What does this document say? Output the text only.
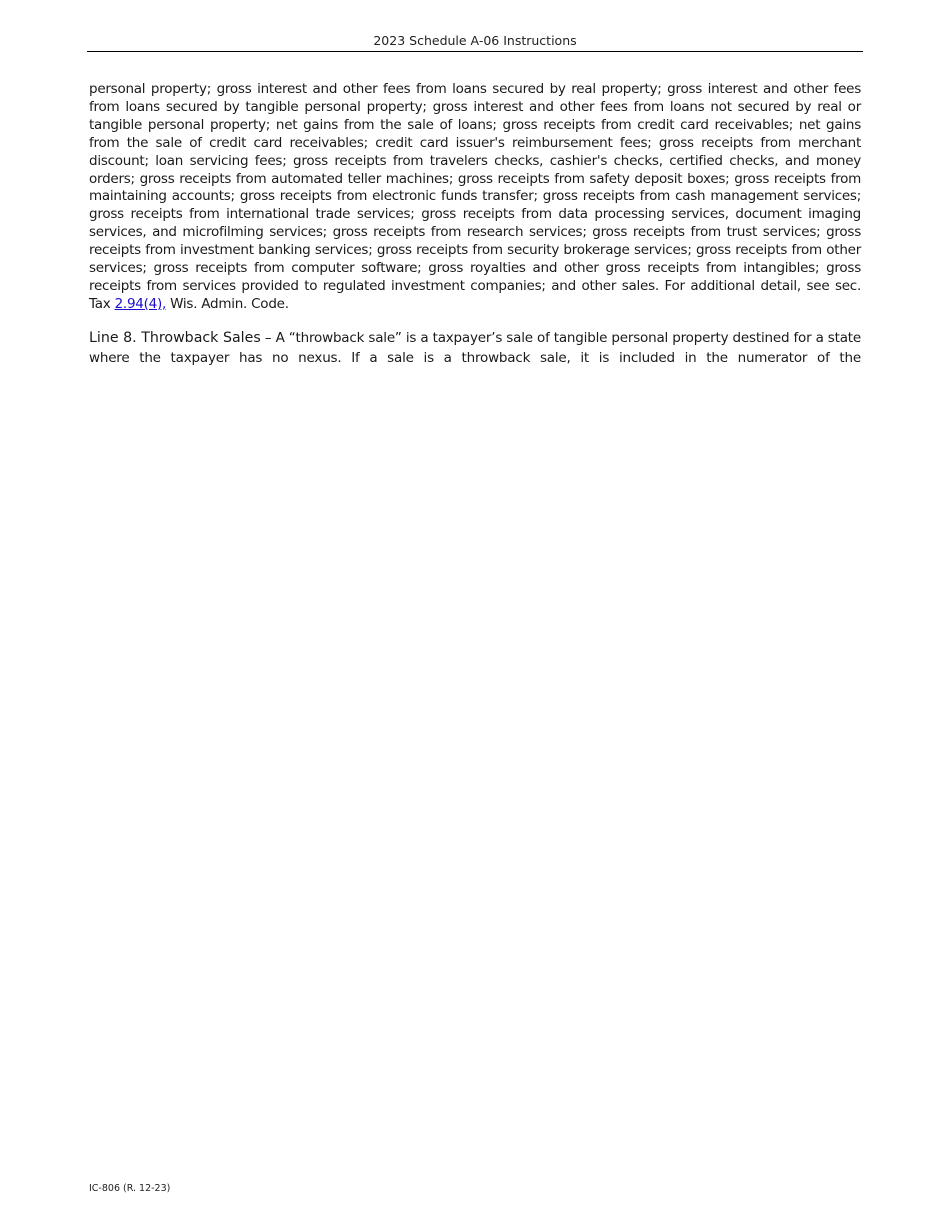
2023 Schedule A-06 Instructions

personal property; gross interest and other fees from loans secured by real property; gross interest and other fees from loans secured by tangible personal property; gross interest and other fees from loans not secured by real or tangible personal property; net gains from the sale of loans; gross receipts from credit card receivables; net gains from the sale of credit card receivables; credit card issuer's reimbursement fees; gross receipts from merchant discount; loan servicing fees; gross receipts from travelers checks, cashier's checks, certified checks, and money orders; gross receipts from automated teller machines; gross receipts from safety deposit boxes; gross receipts from maintaining accounts; gross receipts from electronic funds transfer; gross receipts from cash management services; gross receipts from international trade services; gross receipts from data processing services, document imaging services, and microfilming services; gross receipts from research services; gross receipts from trust services; gross receipts from investment banking services; gross receipts from security brokerage services; gross receipts from other services; gross receipts from computer software; gross royalties and other gross receipts from intangibles; gross receipts from services provided to regulated investment companies; and other sales. For additional detail, see sec. Tax 2.94(4), Wis. Admin. Code.

Line 8. Throwback Sales – A “throwback sale” is a taxpayer’s sale of tangible personal property destined for a state where the taxpayer has no nexus. If a sale is a throwback sale, it is included in the numerator of the

IC-806 (R. 12-23)
